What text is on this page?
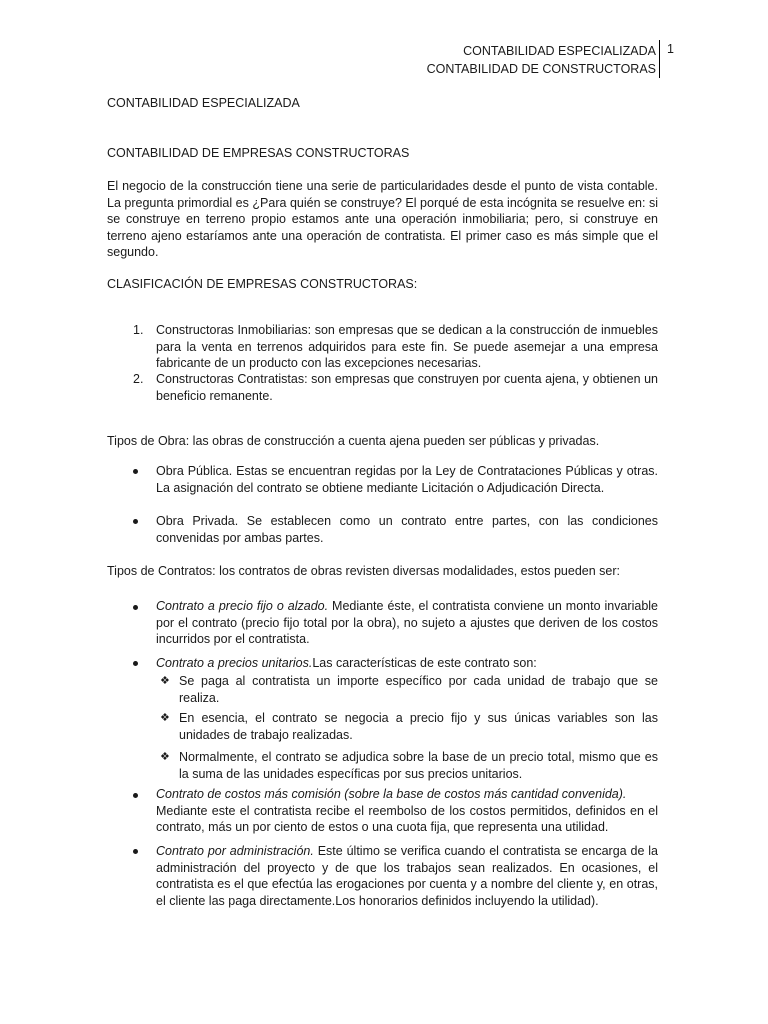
CONTABILIDAD ESPECIALIZADA
CONTABILIDAD DE CONSTRUCTORAS
1
CONTABILIDAD ESPECIALIZADA
CONTABILIDAD DE EMPRESAS CONSTRUCTORAS
El negocio de la construcción tiene una serie de particularidades desde el punto de vista contable. La pregunta primordial es ¿Para quién se construye? El porqué de esta incógnita se resuelve en: si se construye en terreno propio estamos ante una operación inmobiliaria; pero, si construye en terreno ajeno estaríamos ante una operación de contratista. El primer caso es más simple que el segundo.
CLASIFICACIÓN DE EMPRESAS CONSTRUCTORAS:
1. Constructoras Inmobiliarias: son empresas que se dedican a la construcción de inmuebles para la venta en terrenos adquiridos para este fin. Se puede asemejar a una empresa fabricante de un producto con las excepciones necesarias.
2. Constructoras Contratistas: son empresas que construyen por cuenta ajena, y obtienen un beneficio remanente.
Tipos de Obra: las obras de construcción a cuenta ajena pueden ser públicas y privadas.
Obra Pública. Estas se encuentran regidas por la Ley de Contrataciones Públicas y otras. La asignación del contrato se obtiene mediante Licitación o Adjudicación Directa.
Obra Privada. Se establecen como un contrato entre partes, con las condiciones convenidas por ambas partes.
Tipos de Contratos: los contratos de obras revisten diversas modalidades, estos pueden ser:
Contrato a precio fijo o alzado. Mediante éste, el contratista conviene un monto invariable por el contrato (precio fijo total por la obra), no sujeto a ajustes que deriven de los costos incurridos por el contratista.
Contrato a precios unitarios.Las características de este contrato son:
❖ Se paga al contratista un importe específico por cada unidad de trabajo que se realiza.
❖ En esencia, el contrato se negocia a precio fijo y sus únicas variables son las unidades de trabajo realizadas.
❖ Normalmente, el contrato se adjudica sobre la base de un precio total, mismo que es la suma de las unidades específicas por sus precios unitarios.
Contrato de costos más comisión (sobre la base de costos más cantidad convenida).
Mediante este el contratista recibe el reembolso de los costos permitidos, definidos en el contrato, más un por ciento de estos o una cuota fija, que representa una utilidad.
Contrato por administración. Este último se verifica cuando el contratista se encarga de la administración del proyecto y de que los trabajos sean realizados. En ocasiones, el contratista es el que efectúa las erogaciones por cuenta y a nombre del cliente y, en otras, el cliente las paga directamente.Los honorarios definidos incluyendo la utilidad).
